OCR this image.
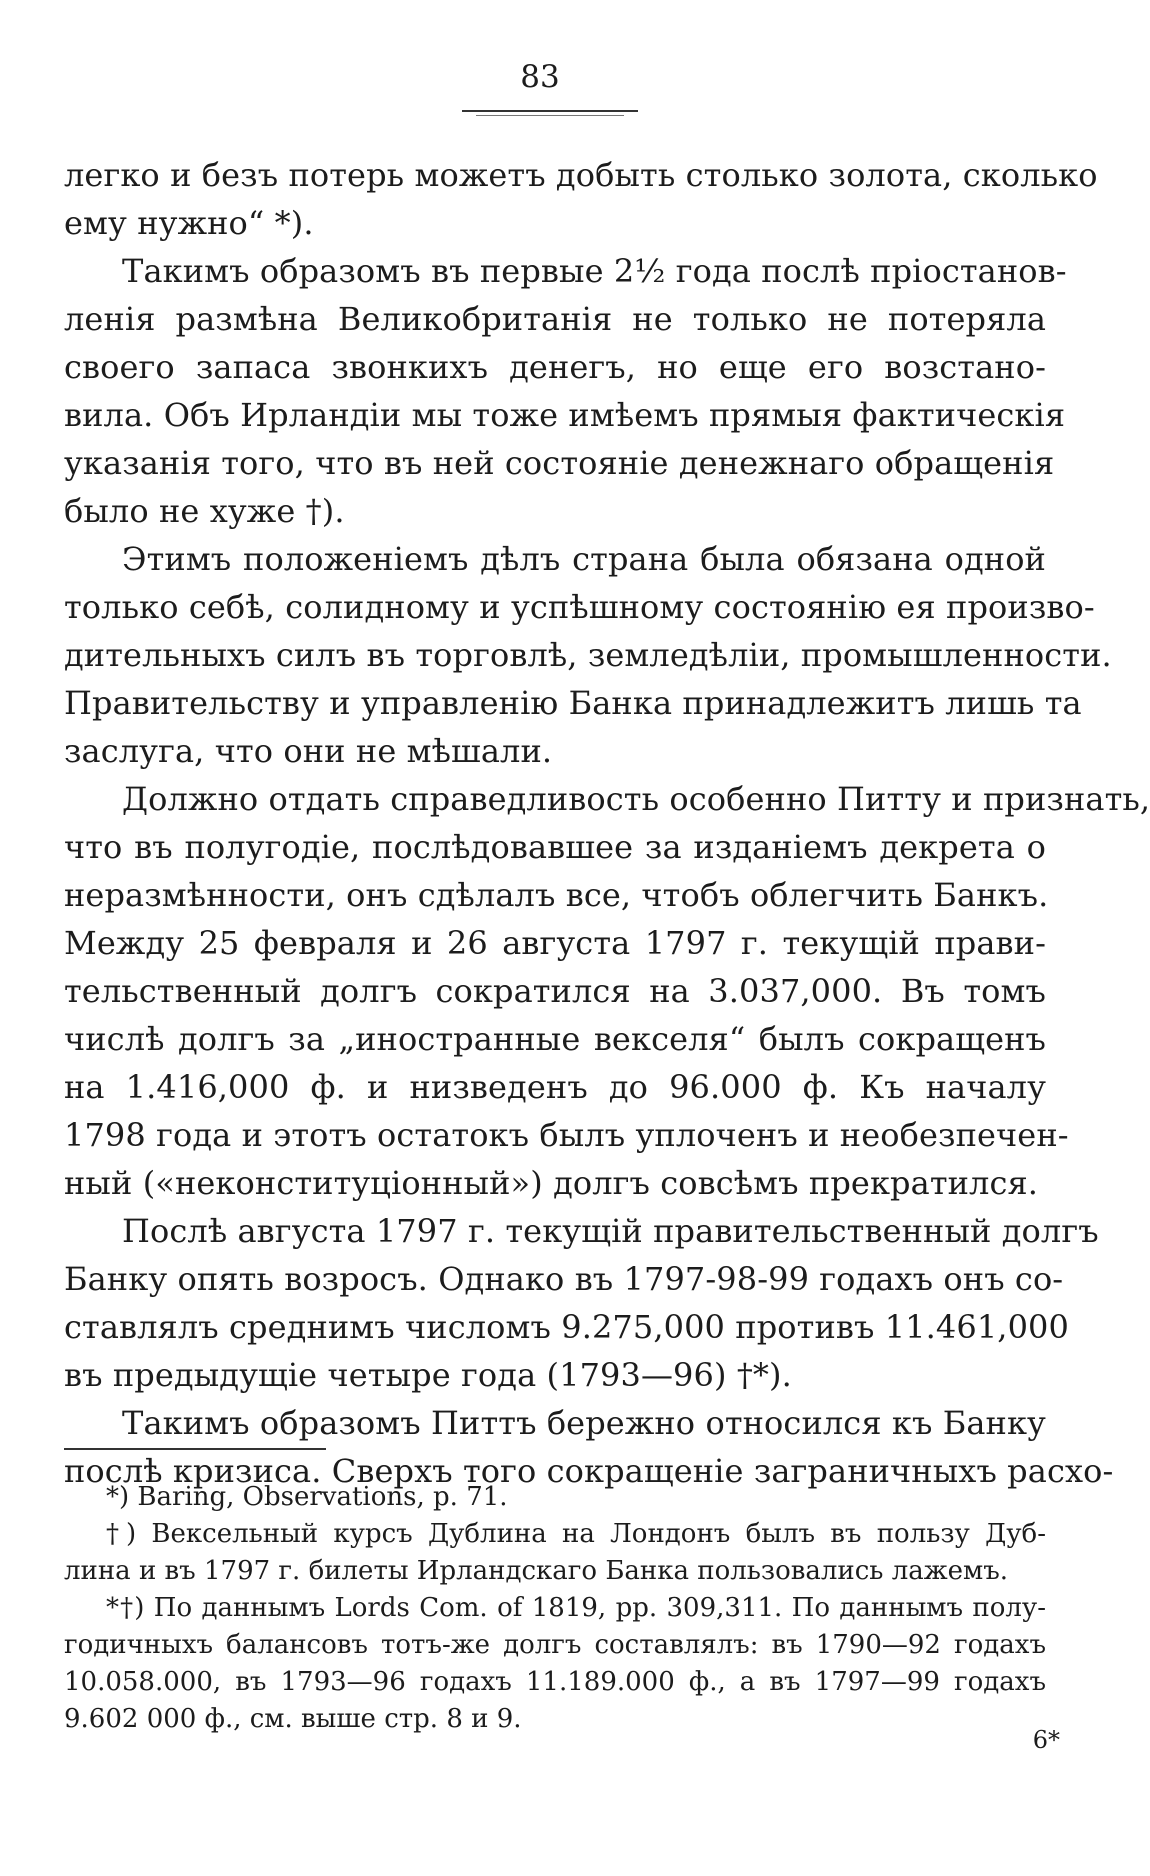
83
легко и безъ потерь можетъ добыть столько золота, сколько
ему нужно“ *).
Такимъ образомъ въ первые 2½ года послѣ пріостанов-
ленія размѣна Великобританія не только не потеряла
своего запаса звонкихъ денегъ, но еще его возстано-
вила. Объ Ирландіи мы тоже имѣемъ прямыя фактическія
указанія того, что въ ней состояніе денежнаго обращенія
было не хуже †).
Этимъ положеніемъ дѣлъ страна была обязана одной
только себѣ, солидному и успѣшному состоянію ея произво-
дительныхъ силъ въ торговлѣ, земледѣліи, промышленности.
Правительству и управленію Банка принадлежитъ лишь та
заслуга, что они не мѣшали.
Должно отдать справедливость особенно Питту и признать,
что въ полугодіе, послѣдовавшее за изданіемъ декрета о
неразмѣнности, онъ сдѣлалъ все, чтобъ облегчить Банкъ.
Между 25 февраля и 26 августа 1797 г. текущій прави-
тельственный долгъ сократился на 3.037,000. Въ томъ
числѣ долгъ за „иностранные векселя“ былъ сокращенъ
на 1.416,000 ф. и низведенъ до 96.000 ф. Къ началу
1798 года и этотъ остатокъ былъ уплоченъ и необезпечен-
ный («неконституціонный») долгъ совсѣмъ прекратился.
Послѣ августа 1797 г. текущій правительственный долгъ
Банку опять возросъ. Однако въ 1797-98-99 годахъ онъ со-
ставлялъ среднимъ числомъ 9.275,000 противъ 11.461,000
въ предыдущіе четыре года (1793—96) †*).
Такимъ образомъ Питтъ бережно относился къ Банку
послѣ кризиса. Сверхъ того сокращеніе заграничныхъ расхо-
*) Baring, Observations, p. 71.
†) Вексельный курсъ Дублина на Лондонъ былъ въ пользу Дуб-
лина и въ 1797 г. билеты Ирландскаго Банка пользовались лажемъ.
*†) По даннымъ Lords Com. of 1819, pp. 309,311. По даннымъ полу-
годичныхъ балансовъ тотъ-же долгъ составлялъ: въ 1790—92 годахъ
10.058.000, въ 1793—96 годахъ 11.189.000 ф., а въ 1797—99 годахъ
9.602 000 ф., см. выше стр. 8 и 9.
6*
